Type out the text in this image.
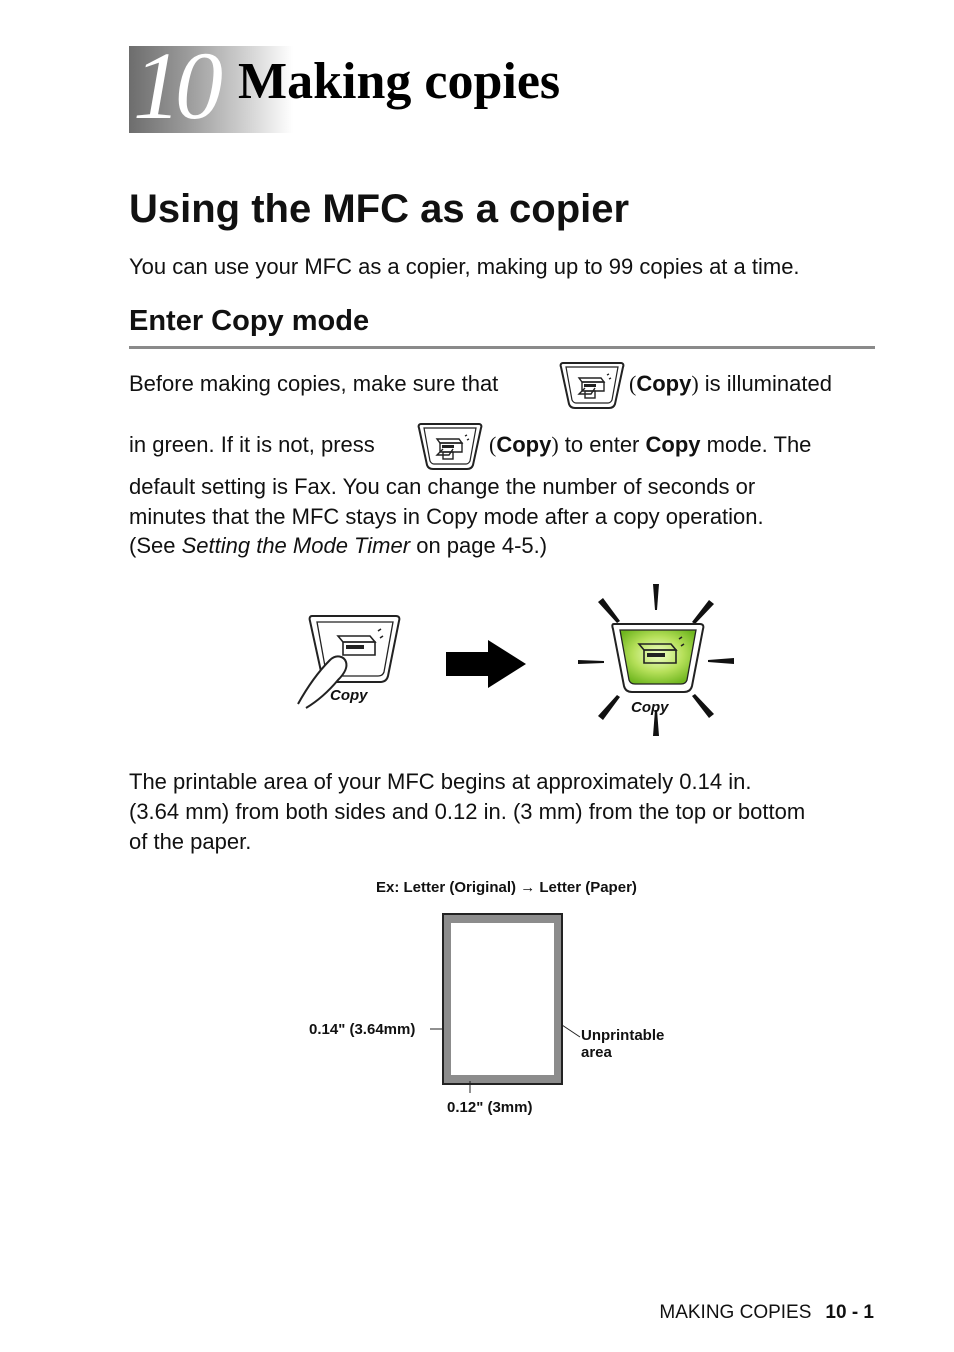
10 Making copies
Using the MFC as a copier
You can use your MFC as a copier, making up to 99 copies at a time.
Enter Copy mode
Before making copies, make sure that	(Copy) is illuminated
in green. If it is not, press	(Copy) to enter Copy mode. The
default setting is Fax. You can change the number of seconds or
minutes that the MFC stays in Copy mode after a copy operation.
(See Setting the Mode Timer on page 4-5.)
Copy
Copy
The printable area of your MFC begins at approximately 0.14 in.
(3.64 mm) from both sides and 0.12 in. (3 mm) from the top or bottom
of the paper.
Ex: Letter (Original) → Letter (Paper)
0.14" (3.64mm)
0.12" (3mm)
Unprintable
area
MAKING COPIES 10 - 1
